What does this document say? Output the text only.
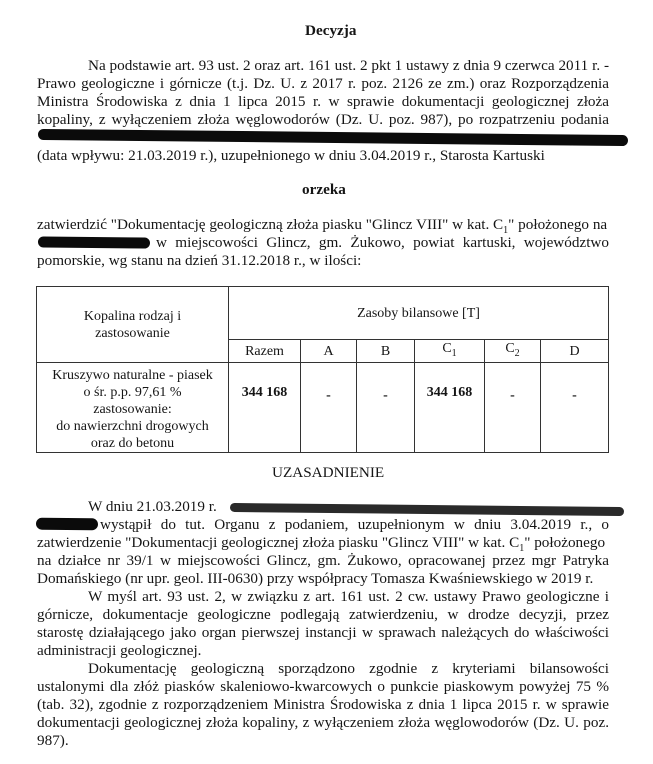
Decyzja
Na podstawie art. 93 ust. 2 oraz art. 161 ust. 2 pkt 1 ustawy z dnia 9 czerwca 2011 r. -
Prawo geologiczne i górnicze (t.j. Dz. U. z 2017 r. poz. 2126 ze zm.) oraz Rozporządzenia
Ministra Środowiska z dnia 1 lipca 2015 r. w sprawie dokumentacji geologicznej złoża
kopaliny, z wyłączeniem złoża węglowodorów (Dz. U. poz. 987), po rozpatrzeniu podania
(data wpływu: 21.03.2019 r.), uzupełnionego w dniu 3.04.2019 r., Starosta Kartuski
orzeka
zatwierdzić "Dokumentację geologiczną złoża piasku "Glincz VIII" w kat. $C_1$" położonego na
w miejscowości Glincz, gm. Żukowo, powiat kartuski, województwo
pomorskie, wg stanu na dzień 31.12.2018 r., w ilości:
Kopalina rodzaj i zastosowanie	Zasoby bilansowe [T]					
	Razem	A	B	$C_1$	$C_2$	D

Kruszywo naturalne - piasek
o śr. p.p. 97,61 %
zastosowanie:
do nawierzchni drogowych
oraz do betonu	344 168	-	-	344 168	-	-
UZASADNIENIE
W dniu 21.03.2019 r.
wystąpił do tut. Organu z podaniem, uzupełnionym w dniu 3.04.2019 r., o
zatwierdzenie "Dokumentacji geologicznej złoża piasku "Glincz VIII" w kat. $C_1$" położonego
na działce nr 39/1 w miejscowości Glincz, gm. Żukowo, opracowanej przez mgr Patryka
Domańskiego (nr upr. geol. III-0630) przy współpracy Tomasza Kwaśniewskiego w 2019 r.
W myśl art. 93 ust. 2, w związku z art. 161 ust. 2 cw. ustawy Prawo geologiczne i
górnicze, dokumentacje geologiczne podlegają zatwierdzeniu, w drodze decyzji, przez
starostę działającego jako organ pierwszej instancji w sprawach należących do właściwości
administracji geologicznej.
Dokumentację geologiczną sporządzono zgodnie z kryteriami bilansowości
ustalonymi dla złóż piasków skaleniowo-kwarcowych o punkcie piaskowym powyżej 75 %
(tab. 32), zgodnie z rozporządzeniem Ministra Środowiska z dnia 1 lipca 2015 r. w sprawie
dokumentacji geologicznej złoża kopaliny, z wyłączeniem złoża węglowodorów (Dz. U. poz.
987).
